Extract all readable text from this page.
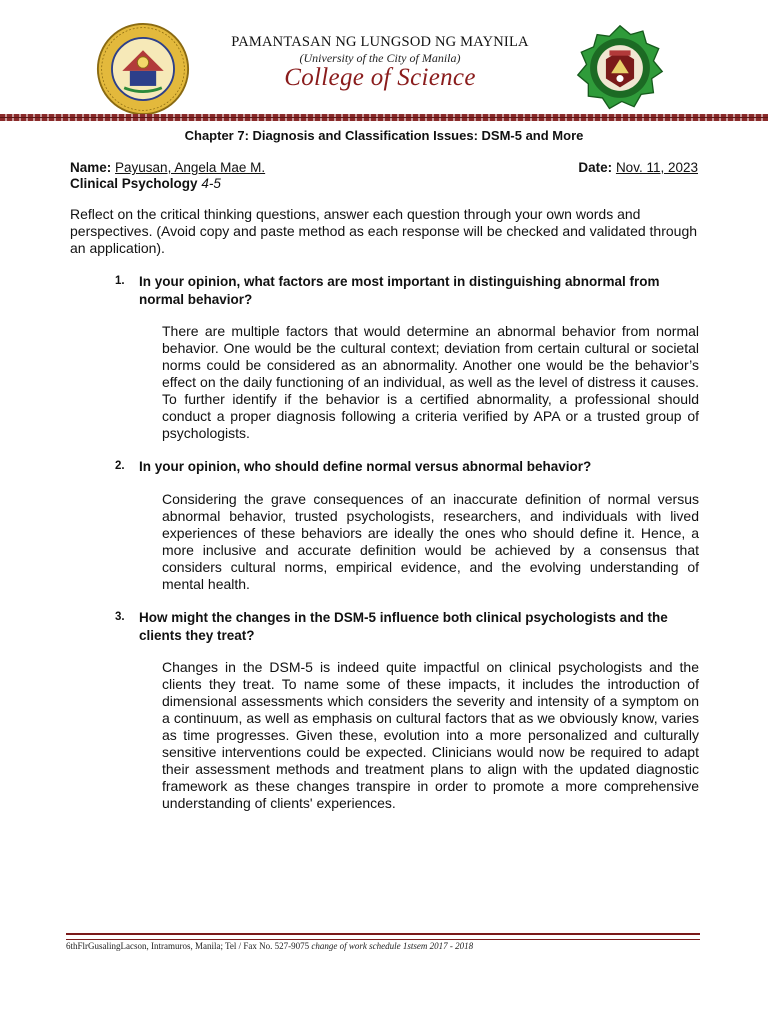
PAMANTASAN NG LUNGSOD NG MAYNILA
(University of the City of Manila)
College of Science
Chapter 7: Diagnosis and Classification Issues: DSM-5 and More
Name: Payusan, Angela Mae M.	Date: Nov. 11, 2023
Clinical Psychology 4-5
Reflect on the critical thinking questions, answer each question through your own words and perspectives. (Avoid copy and paste method as each response will be checked and validated through an application).
1. In your opinion, what factors are most important in distinguishing abnormal from normal behavior?
There are multiple factors that would determine an abnormal behavior from normal behavior. One would be the cultural context; deviation from certain cultural or societal norms could be considered as an abnormality. Another one would be the behavior’s effect on the daily functioning of an individual, as well as the level of distress it causes. To further identify if the behavior is a certified abnormality, a professional should conduct a proper diagnosis following a criteria verified by APA or a trusted group of psychologists.
2. In your opinion, who should define normal versus abnormal behavior?
Considering the grave consequences of an inaccurate definition of normal versus abnormal behavior, trusted psychologists, researchers, and individuals with lived experiences of these behaviors are ideally the ones who should define it. Hence, a more inclusive and accurate definition would be achieved by a consensus that considers cultural norms, empirical evidence, and the evolving understanding of mental health.
3. How might the changes in the DSM-5 influence both clinical psychologists and the clients they treat?
Changes in the DSM-5 is indeed quite impactful on clinical psychologists and the clients they treat. To name some of these impacts, it includes the introduction of dimensional assessments which considers the severity and intensity of a symptom on a continuum, as well as emphasis on cultural factors that as we obviously know, varies as time progresses. Given these, evolution into a more personalized and culturally sensitive interventions could be expected. Clinicians would now be required to adapt their assessment methods and treatment plans to align with the updated diagnostic framework as these changes transpire in order to promote a more comprehensive understanding of clients' experiences.
6thFlrGusalingLacson, Intramuros, Manila; Tel / Fax No. 527-9075 change of work schedule 1stsem 2017 - 2018
